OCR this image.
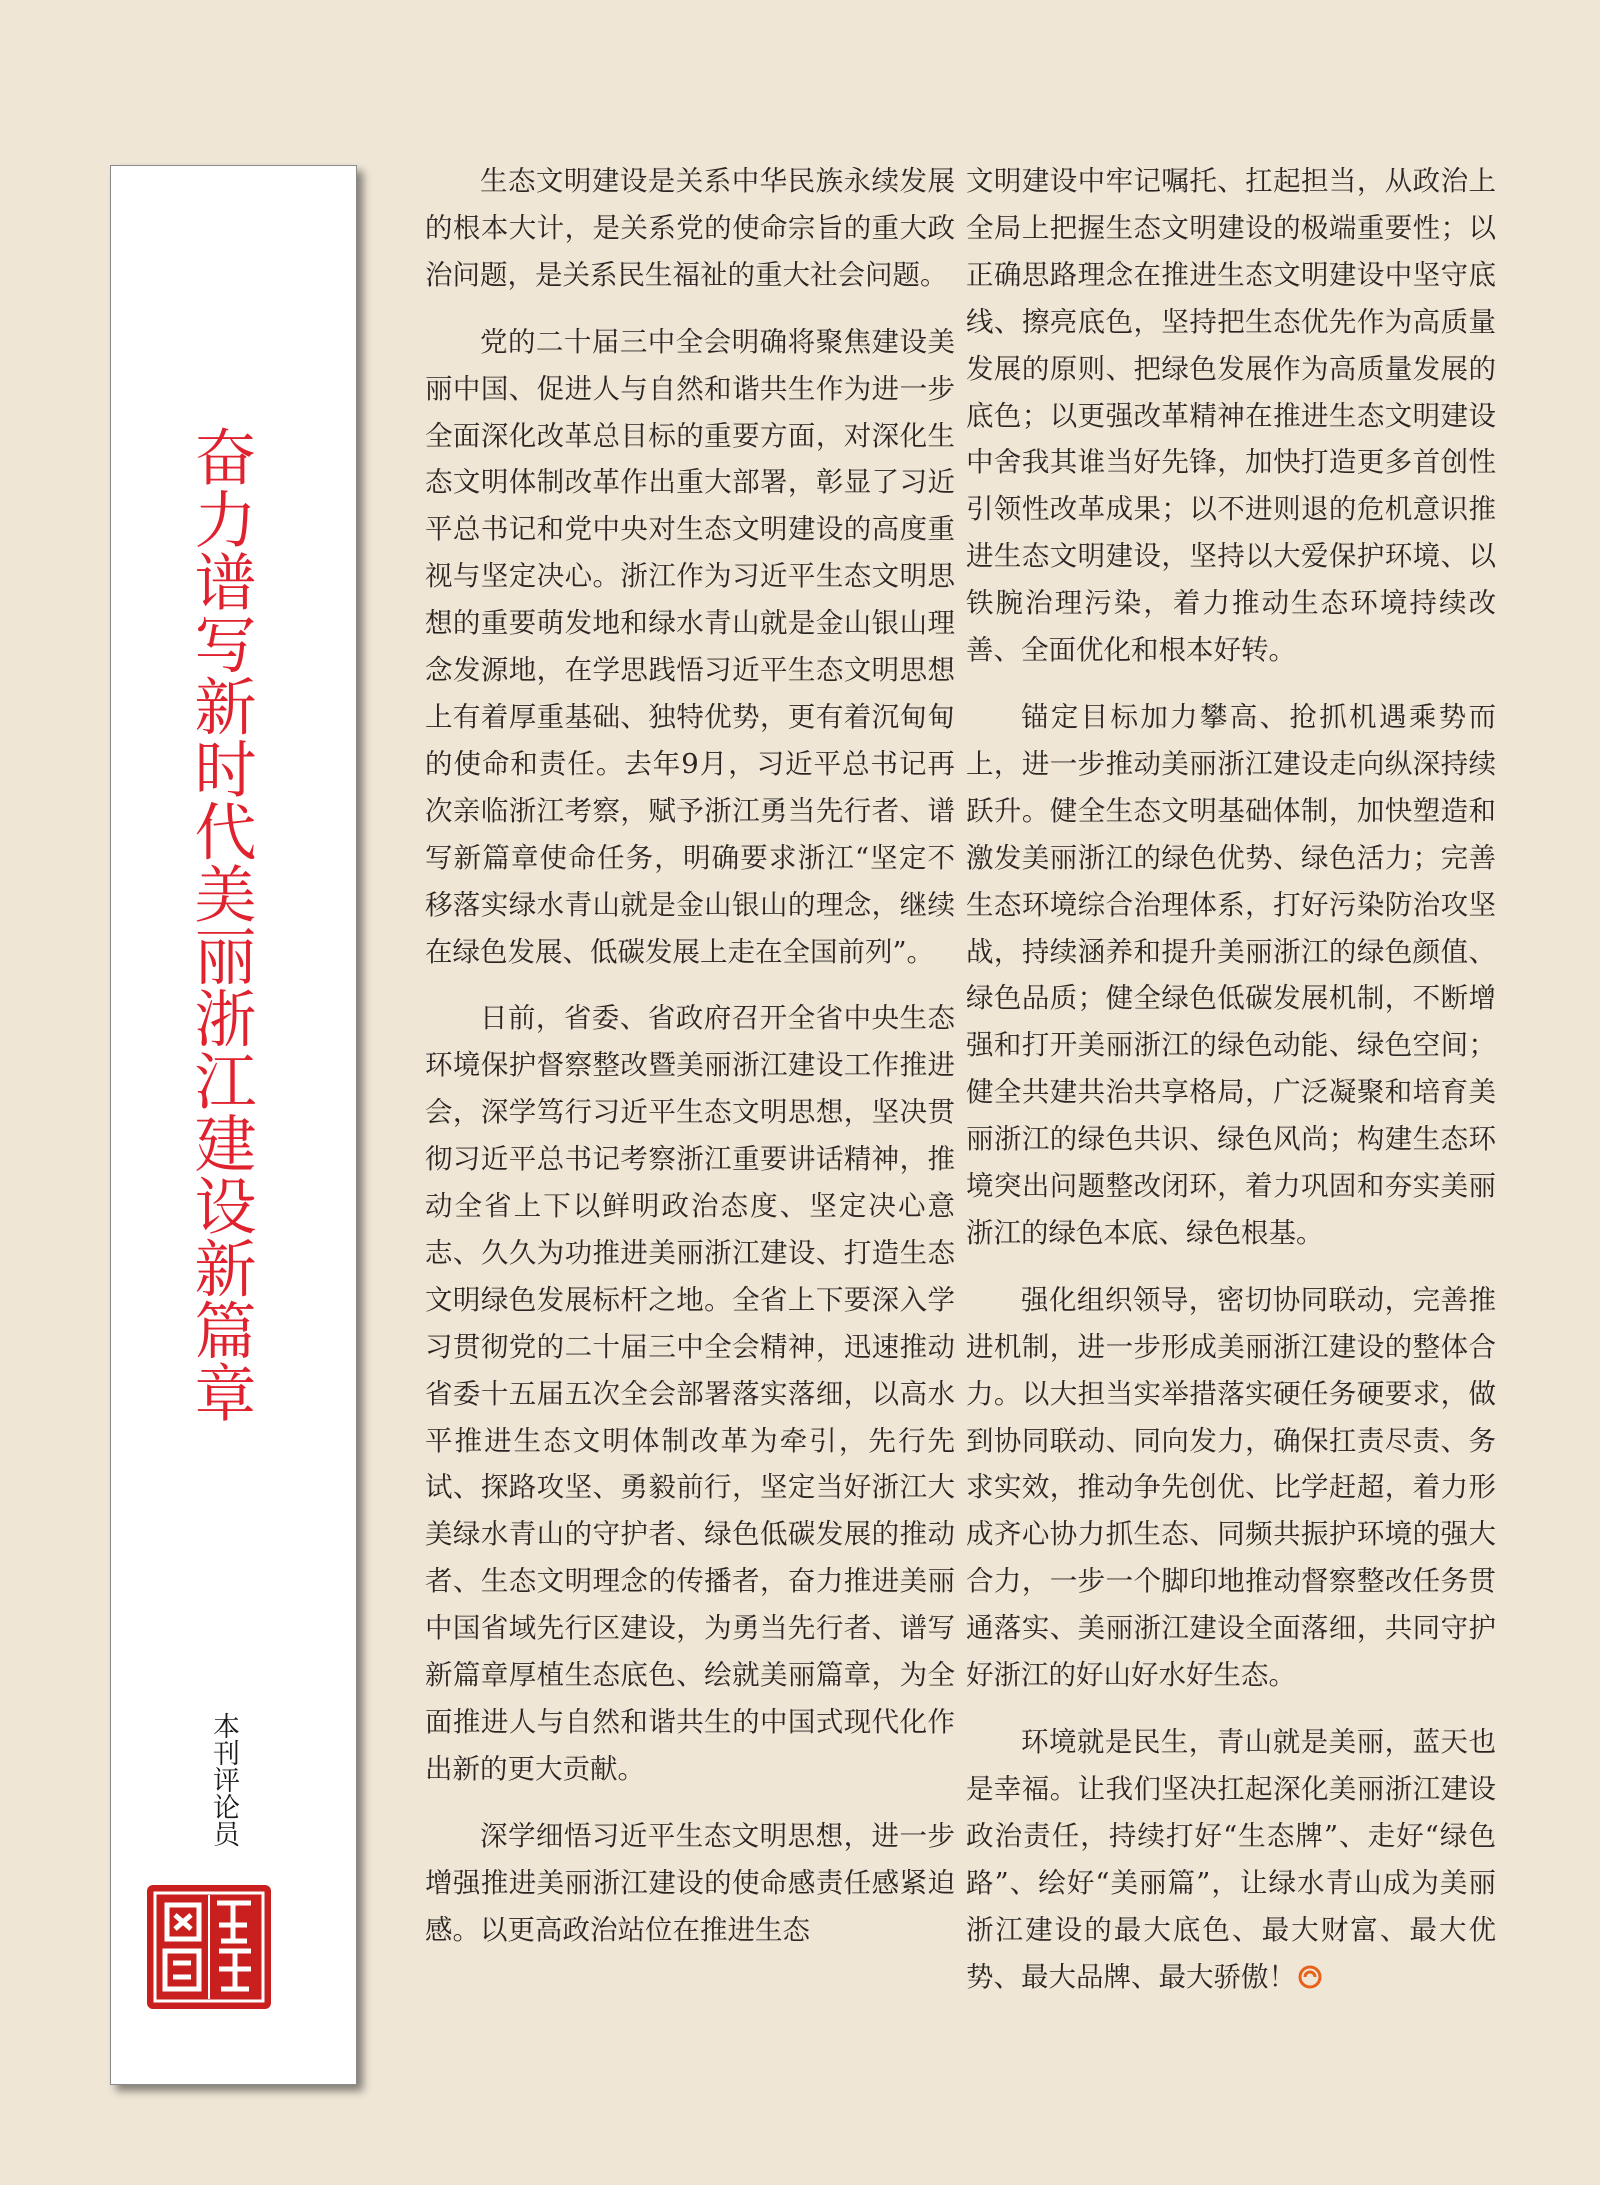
奋力谱写新时代美丽浙江建设新篇章
本刊评论员

生态文明建设是关系中华民族永续发展的根本大计，是关系党的使命宗旨的重大政治问题，是关系民生福祉的重大社会问题。

党的二十届三中全会明确将聚焦建设美丽中国、促进人与自然和谐共生作为进一步全面深化改革总目标的重要方面，对深化生态文明体制改革作出重大部署，彰显了习近平总书记和党中央对生态文明建设的高度重视与坚定决心。浙江作为习近平生态文明思想的重要萌发地和绿水青山就是金山银山理念发源地，在学思践悟习近平生态文明思想上有着厚重基础、独特优势，更有着沉甸甸的使命和责任。去年9月，习近平总书记再次亲临浙江考察，赋予浙江勇当先行者、谱写新篇章使命任务，明确要求浙江“坚定不移落实绿水青山就是金山银山的理念，继续在绿色发展、低碳发展上走在全国前列”。

日前，省委、省政府召开全省中央生态环境保护督察整改暨美丽浙江建设工作推进会，深学笃行习近平生态文明思想，坚决贯彻习近平总书记考察浙江重要讲话精神，推动全省上下以鲜明政治态度、坚定决心意志、久久为功推进美丽浙江建设、打造生态文明绿色发展标杆之地。全省上下要深入学习贯彻党的二十届三中全会精神，迅速推动省委十五届五次全会部署落实落细，以高水平推进生态文明体制改革为牵引，先行先试、探路攻坚、勇毅前行，坚定当好浙江大美绿水青山的守护者、绿色低碳发展的推动者、生态文明理念的传播者，奋力推进美丽中国省域先行区建设，为勇当先行者、谱写新篇章厚植生态底色、绘就美丽篇章，为全面推进人与自然和谐共生的中国式现代化作出新的更大贡献。

深学细悟习近平生态文明思想，进一步增强推进美丽浙江建设的使命感责任感紧迫感。以更高政治站位在推进生态

文明建设中牢记嘱托、扛起担当，从政治上全局上把握生态文明建设的极端重要性；以正确思路理念在推进生态文明建设中坚守底线、擦亮底色，坚持把生态优先作为高质量发展的原则、把绿色发展作为高质量发展的底色；以更强改革精神在推进生态文明建设中舍我其谁当好先锋，加快打造更多首创性引领性改革成果；以不进则退的危机意识推进生态文明建设，坚持以大爱保护环境、以铁腕治理污染，着力推动生态环境持续改善、全面优化和根本好转。

锚定目标加力攀高、抢抓机遇乘势而上，进一步推动美丽浙江建设走向纵深持续跃升。健全生态文明基础体制，加快塑造和激发美丽浙江的绿色优势、绿色活力；完善生态环境综合治理体系，打好污染防治攻坚战，持续涵养和提升美丽浙江的绿色颜值、绿色品质；健全绿色低碳发展机制，不断增强和打开美丽浙江的绿色动能、绿色空间；健全共建共治共享格局，广泛凝聚和培育美丽浙江的绿色共识、绿色风尚；构建生态环境突出问题整改闭环，着力巩固和夯实美丽浙江的绿色本底、绿色根基。

强化组织领导，密切协同联动，完善推进机制，进一步形成美丽浙江建设的整体合力。以大担当实举措落实硬任务硬要求，做到协同联动、同向发力，确保扛责尽责、务求实效，推动争先创优、比学赶超，着力形成齐心协力抓生态、同频共振护环境的强大合力，一步一个脚印地推动督察整改任务贯通落实、美丽浙江建设全面落细，共同守护好浙江的好山好水好生态。

环境就是民生，青山就是美丽，蓝天也是幸福。让我们坚决扛起深化美丽浙江建设政治责任，持续打好“生态牌”、走好“绿色路”、绘好“美丽篇”，让绿水青山成为美丽浙江建设的最大底色、最大财富、最大优势、最大品牌、最大骄傲！
